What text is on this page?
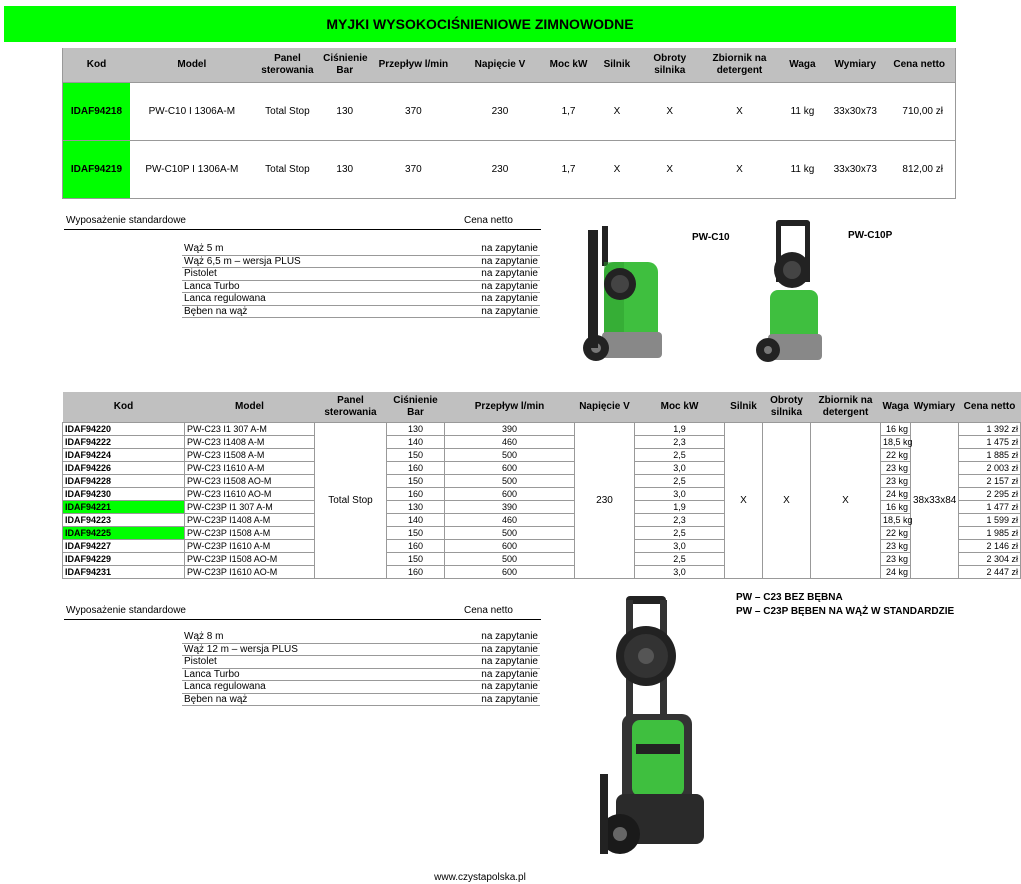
MYJKI WYSOKOCIŚNIENIOWE ZIMNOWODNE
Kod	Model	Panel sterowania	Ciśnienie Bar	Przepływ l/min	Napięcie V	Moc kW	Silnik	Obroty silnika	Zbiornik na detergent	Waga	Wymiary	Cena netto
IDAF94218	PW-C10 I 1306A-M	Total Stop	130	370	230	1,7	X	X	X	11 kg	33x30x73	710,00 zł
IDAF94219	PW-C10P I 1306A-M	Total Stop	130	370	230	1,7	X	X	X	11 kg	33x30x73	812,00 zł
Wyposażenie standardowe	Cena netto
Wąż 5 m	na zapytanie
Wąż 6,5 m – wersja PLUS	na zapytanie
Pistolet	na zapytanie
Lanca Turbo	na zapytanie
Lanca regulowana	na zapytanie
Bęben na wąż	na zapytanie
PW-C10	PW-C10P
Kod	Model	Panel sterowania	Ciśnienie Bar	Przepływ l/min	Napięcie V	Moc kW	Silnik	Obroty silnika	Zbiornik na detergent	Waga	Wymiary	Cena netto
IDAF94220	PW-C23 I1 307 A-M	Total Stop	130	390	230	1,9	X	X	X	16 kg	38x33x84	1 392 zł
IDAF94222	PW-C23 I1408 A-M		140	460		2,3				18,5 kg		1 475 zł
IDAF94224	PW-C23 I1508 A-M		150	500		2,5				22 kg		1 885 zł
IDAF94226	PW-C23 I1610 A-M		160	600		3,0				23 kg		2 003 zł
IDAF94228	PW-C23 I1508 AO-M		150	500		2,5				23 kg		2 157 zł
IDAF94230	PW-C23 I1610 AO-M		160	600		3,0				24 kg		2 295 zł
IDAF94221	PW-C23P I1 307 A-M		130	390		1,9				16 kg		1 477 zł
IDAF94223	PW-C23P I1408 A-M		140	460		2,3				18,5 kg		1 599 zł
IDAF94225	PW-C23P I1508 A-M		150	500		2,5				22 kg		1 985 zł
IDAF94227	PW-C23P I1610 A-M		160	600		3,0				23 kg		2 146 zł
IDAF94229	PW-C23P I1508 AO-M		150	500		2,5				23 kg		2 304 zł
IDAF94231	PW-C23P I1610 AO-M		160	600		3,0				24 kg		2 447 zł
Wyposażenie standardowe	Cena netto
Wąż 8 m	na zapytanie
Wąż 12 m – wersja PLUS	na zapytanie
Pistolet	na zapytanie
Lanca Turbo	na zapytanie
Lanca regulowana	na zapytanie
Bęben na wąż	na zapytanie
PW – C23 BEZ BĘBNA
PW – C23P BĘBEN NA WĄŻ W STANDARDZIE
www.czystapolska.pl
